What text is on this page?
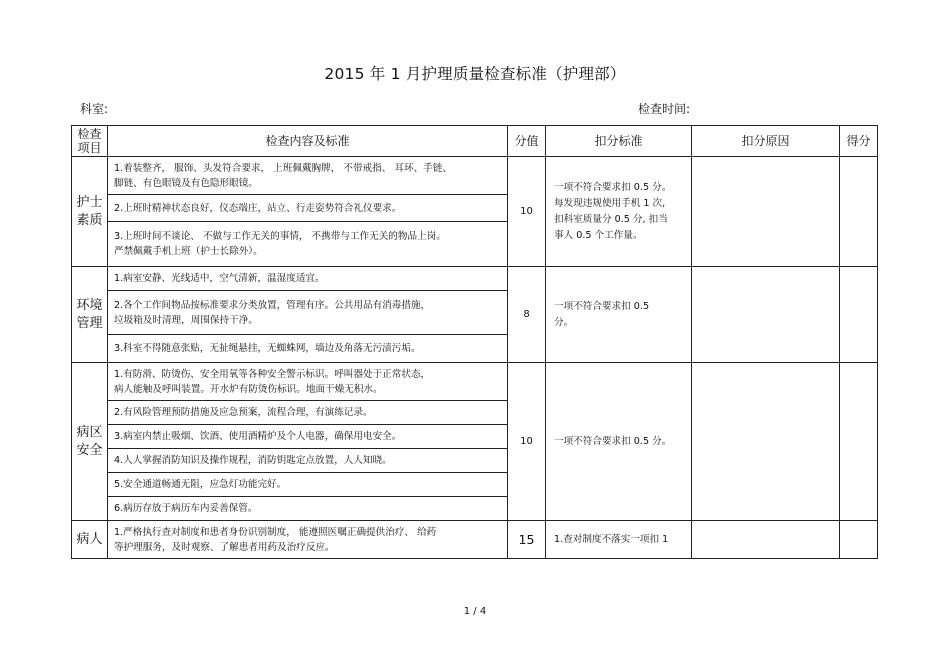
2015 年 1 月护理质量检查标准（护理部）
科室:	检查时间:
检查
项目	检查内容及标准	分值	扣分标准	扣分原因	得分
护士
素质	1.着装整齐， 服饰、头发符合要求， 上班佩戴胸牌， 不带戒指、 耳环、手链、
脚链、有色眼镜及有色隐形眼镜。	10	一项不符合要求扣 0.5 分。
每发现违规使用手机 1 次,
扣科室质量分 0.5 分, 扣当
事人 0.5 个工作量。		
	2.上班时精神状态良好，仪态端庄，站立、行走姿势符合礼仪要求。				
	3.上班时间不谈论、 不做与工作无关的事情， 不携带与工作无关的物品上岗。
严禁佩戴手机上班（护士长除外）。				
环境
管理	1.病室安静、光线适中，空气清新，温湿度适宜。	8	一项不符合要求扣 0.5
分。		
	2.各个工作间物品按标准要求分类放置，管理有序。公共用品有消毒措施，
垃圾箱及时清理，周围保持干净。				
	3.科室不得随意张贴，无扯绳悬挂，无蜘蛛网，墙边及角落无污渍污垢。				
病区
安全	1.有防滑、防烫伤、安全用氧等各种安全警示标识。呼叫器处于正常状态，
病人能触及呼叫装置。开水炉有防烫伤标识。地面干燥无积水。	10	一项不符合要求扣 0.5 分。		
	2.有风险管理预防措施及应急预案，流程合理，有演练记录。				
	3.病室内禁止吸烟、饮酒、使用酒精炉及个人电器，确保用电安全。				
	4.人人掌握消防知识及操作规程，消防钥匙定点放置，人人知晓。				
	5.安全通道畅通无阻，应急灯功能完好。				
	6.病历存放于病历车内妥善保管。				
病人	1.严格执行查对制度和患者身份识别制度， 能遵照医嘱正确提供治疗、 给药
等护理服务，及时观察、了解患者用药及治疗反应。	15	1.查对制度不落实一项扣 1		
1 / 4
